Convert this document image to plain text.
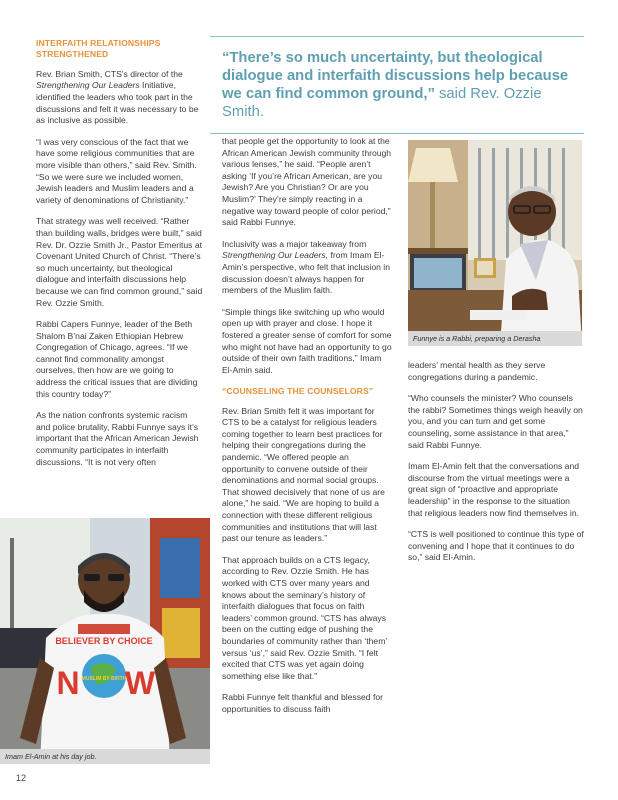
INTERFAITH RELATIONSHIPS STRENGTHENED

Rev. Brian Smith, CTS’s director of the Strengthening Our Leaders Initiative, identified the leaders who took part in the discussions and felt it was necessary to be as inclusive as possible.

“I was very conscious of the fact that we have some religious communities that are more visible than others,” said Rev. Smith. “So we were sure we included women, Jewish leaders and Muslim leaders and a variety of denominations of Christianity.”

That strategy was well received. “Rather than building walls, bridges were built,” said Rev. Dr. Ozzie Smith Jr., Pastor Emeritus at Covenant United Church of Christ. “There’s so much uncertainty, but theological dialogue and interfaith discussions help because we can find common ground,” said Rev. Ozzie Smith.

Rabbi Capers Funnye, leader of the Beth Shalom B’nai Zaken Ethiopian Hebrew Congregation of Chicago, agrees. “If we cannot find commonality amongst ourselves, then how are we going to address the critical issues that are dividing this country today?”

As the nation confronts systemic racism and police brutality, Rabbi Funnye says it’s important that the African American Jewish community participates in interfaith discussions. “It is not very often

“There’s so much uncertainty, but theological dialogue and interfaith discussions help because we can find common ground,” said Rev. Ozzie Smith.

that people get the opportunity to look at the African American Jewish community through various lenses,” he said. “People aren’t asking ‘If you’re African American, are you Jewish? Are you Christian? Or are you Muslim?’ They’re simply reacting in a negative way toward people of color period,” said Rabbi Funnye.

Inclusivity was a major takeaway from Strengthening Our Leaders, from Imam El-Amin’s perspective, who felt that inclusion in discussion doesn’t always happen for members of the Muslim faith.

“Simple things like switching up who would open up with prayer and close. I hope it fostered a greater sense of comfort for some who might not have had an opportunity to go outside of their own faith traditions,” Imam El-Amin said.

“COUNSELING THE COUNSELORS”

Rev. Brian Smith felt it was important for CTS to be a catalyst for religious leaders coming together to learn best practices for helping their congregations during the pandemic. “We offered people an opportunity to convene outside of their denominations and normal social groups. That showed decisively that none of us are alone,” he said. “We are hoping to build a connection with these different religious communities and institutions that will last past our tenure as leaders.”

That approach builds on a CTS legacy, according to Rev. Ozzie Smith. He has worked with CTS over many years and knows about the seminary’s history of interfaith dialogues that focus on faith leaders’ common ground. “CTS has always been on the cutting edge of pushing the boundaries of community rather than ‘them’ versus ‘us’,” said Rev. Ozzie Smith. “I felt excited that CTS was yet again doing something else like that.”

Rabbi Funnye felt thankful and blessed for opportunities to discuss faith

Funnye is a Rabbi, preparing a Derasha

leaders’ mental health as they serve congregations during a pandemic.

“Who counsels the minister? Who counsels the rabbi? Sometimes things weigh heavily on you, and you can turn and get some counseling, some assistance in that area,” said Rabbi Funnye.

Imam El-Amin felt that the conversations and discourse from the virtual meetings were a great sign of “proactive and appropriate leadership” in the response to the situation that religious leaders now find themselves in.

“CTS is well positioned to continue this type of convening and I hope that it continues to do so,” said El-Amin.

BELIEVER BY CHOICE
MUSLIM BY BIRTH
N W
Imam El-Amin at his day job.
12
